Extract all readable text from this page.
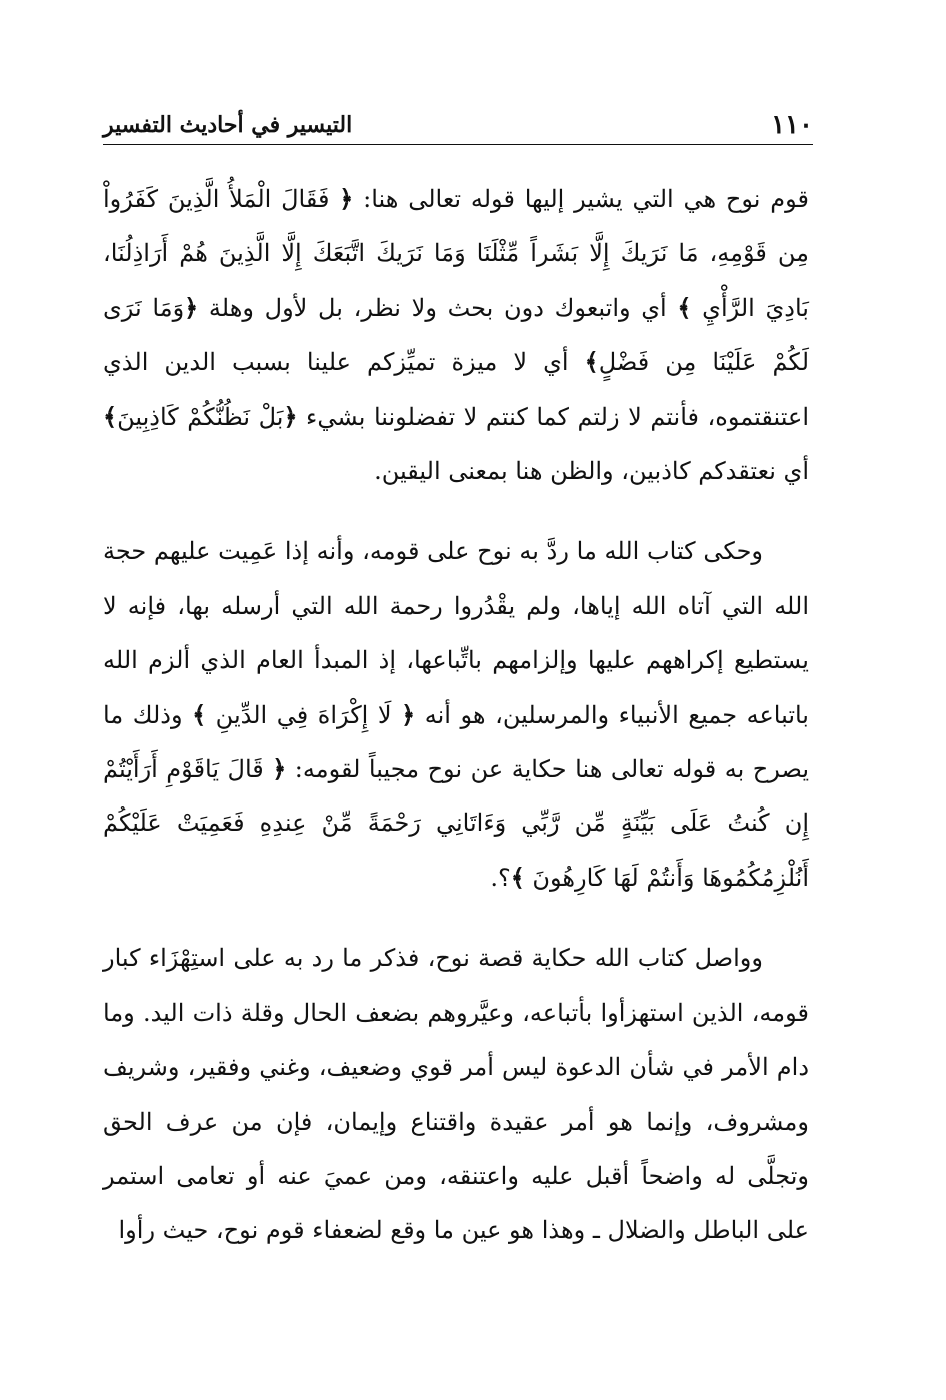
١١٠
التيسير في أحاديث التفسير

قوم نوح هي التي يشير إليها قوله تعالى هنا: ﴿ فَقَالَ الْمَلأُ الَّذِينَ كَفَرُواْ مِن قَوْمِهِ، مَا نَرَيكَ إِلَّا بَشَراً مِّثْلَنَا وَمَا نَرَيكَ اتَّبَعَكَ إِلَّا الَّذِينَ هُمْ أَرَاذِلُنَا، بَادِيَ الرَّأْيِ ﴾ أي واتبعوك دون بحث ولا نظر، بل لأول وهلة ﴿وَمَا نَرَى لَكُمْ عَلَيْنَا مِن فَضْلٍ﴾ أي لا ميزة تميِّزكم علينا بسبب الدين الذي اعتنقتموه، فأنتم لا زلتم كما كنتم لا تفضلوننا بشيء ﴿بَلْ نَظُنُّكُمْ كَاذِبِينَ﴾ أي نعتقدكم كاذبين، والظن هنا بمعنى اليقين.

وحكى كتاب الله ما ردَّ به نوح على قومه، وأنه إذا عَمِيت عليهم حجة الله التي آتاه الله إياها، ولم يقْدُروا رحمة الله التي أرسله بها، فإنه لا يستطيع إكراههم عليها وإلزامهم باتِّباعها، إذ المبدأ العام الذي ألزم الله باتباعه جميع الأنبياء والمرسلين، هو أنه ﴿ لَا إِكْرَاهَ فِي الدِّينِ ﴾ وذلك ما يصرح به قوله تعالى هنا حكاية عن نوح مجيباً لقومه: ﴿ قَالَ يَاقَوْمِ أَرَأَيْتُمْ إِن كُنتُ عَلَى بَيِّنَةٍ مِّن رَّبِّي وَءَاتَانِي رَحْمَةً مِّنْ عِندِهِ فَعَمِيَتْ عَلَيْكُمْ أَنُلْزِمُكُمُوهَا وَأَنتُمْ لَهَا كَارِهُونَ ﴾؟.

وواصل كتاب الله حكاية قصة نوح، فذكر ما رد به على استِهْزَاء كبار قومه، الذين استهزأوا بأتباعه، وعيَّروهم بضعف الحال وقلة ذات اليد. وما دام الأمر في شأن الدعوة ليس أمر قوي وضعيف، وغني وفقير، وشريف ومشروف، وإنما هو أمر عقيدة واقتناع وإيمان، فإن من عرف الحق وتجلَّى له واضحاً أقبل عليه واعتنقه، ومن عميَ عنه أو تعامى استمر على الباطل والضلال ـ وهذا هو عين ما وقع لضعفاء قوم نوح، حيث رأوا
